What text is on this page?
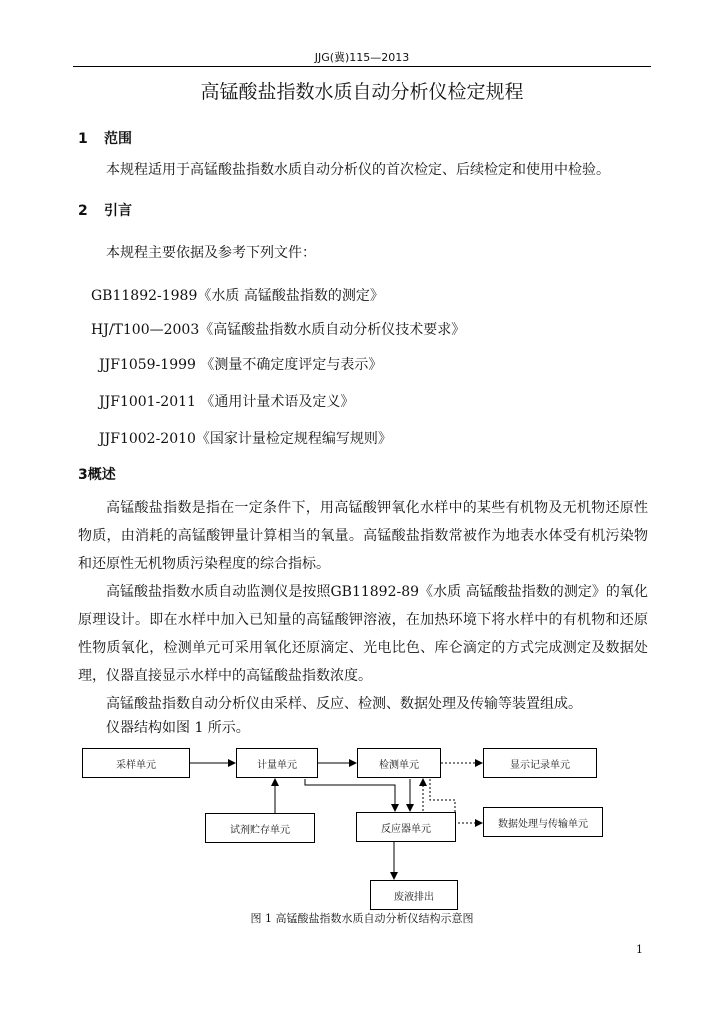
JJG(冀)115—2013
高锰酸盐指数水质自动分析仪检定规程
1 范围
本规程适用于高锰酸盐指数水质自动分析仪的首次检定、后续检定和使用中检验。
2 引言
本规程主要依据及参考下列文件：
GB11892-1989《水质 高锰酸盐指数的测定》
HJ/T100—2003《高锰酸盐指数水质自动分析仪技术要求》
JJF1059-1999 《测量不确定度评定与表示》
JJF1001-2011 《通用计量术语及定义》
JJF1002-2010《国家计量检定规程编写规则》
3概述
高锰酸盐指数是指在一定条件下，用高锰酸钾氧化水样中的某些有机物及无机物还原性物质，由消耗的高锰酸钾量计算相当的氧量。高锰酸盐指数常被作为地表水体受有机污染物和还原性无机物质污染程度的综合指标。
高锰酸盐指数水质自动监测仪是按照GB11892-89《水质 高锰酸盐指数的测定》的氧化原理设计。即在水样中加入已知量的高锰酸钾溶液，在加热环境下将水样中的有机物和还原性物质氧化，检测单元可采用氧化还原滴定、光电比色、库仑滴定的方式完成测定及数据处理，仪器直接显示水样中的高锰酸盐指数浓度。
高锰酸盐指数自动分析仪由采样、反应、检测、数据处理及传输等装置组成。
仪器结构如图 1 所示。
采样单元	计量单元	检测单元	显示记录单元
数据处理与传输单元
试剂贮存单元	反应器单元
废液排出
图 1 高锰酸盐指数水质自动分析仪结构示意图
1
